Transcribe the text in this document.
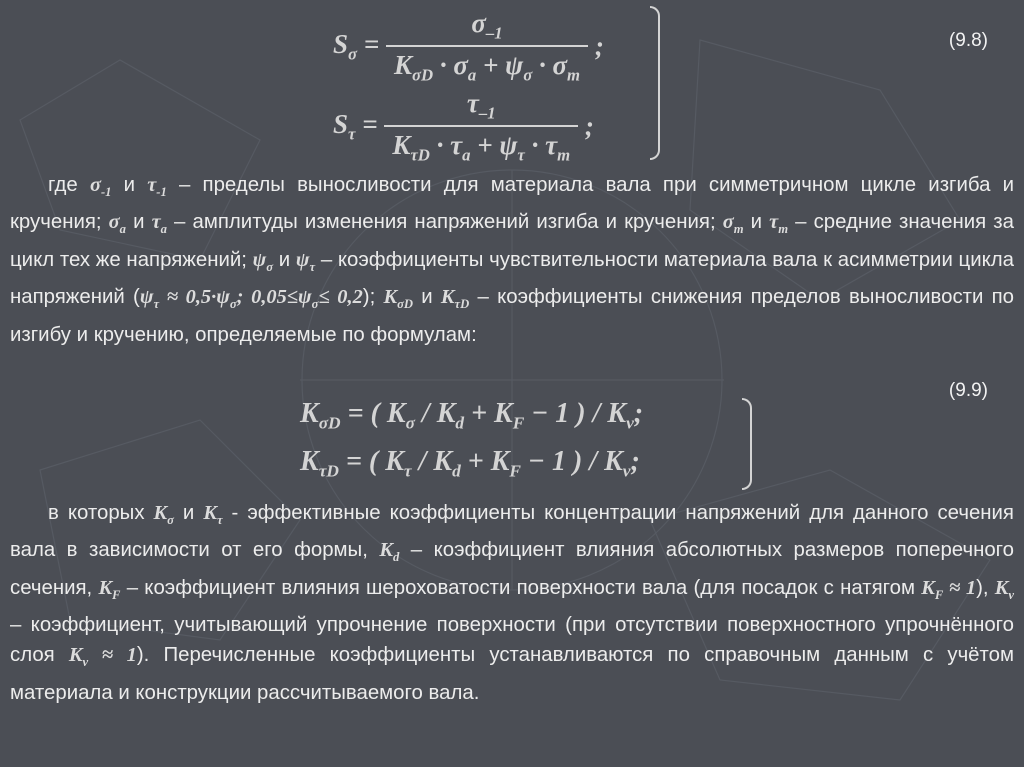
(9.8)
$S_\sigma = \frac{\sigma_{-1}}{K_{\sigma D} \cdot \sigma_a + \psi_\sigma \cdot \sigma_m}$ ;
$S_\tau = \frac{\tau_{-1}}{K_{\tau D} \cdot \tau_a + \psi_\tau \cdot \tau_m}$ ;
где $\sigma_{-1}$ и $\tau_{-1}$ – пределы выносливости для материала вала при симметричном цикле изгиба и кручения; $\sigma_a$ и $\tau_a$ – амплитуды изменения напряжений изгиба и кручения; $\sigma_m$ и $\tau_m$ – средние значения за цикл тех же напряжений; $\psi_\sigma$ и $\psi_\tau$ – коэффициенты чувствительности материала вала к асимметрии цикла напряжений ($\psi_\tau \approx 0,5\cdot\psi_\sigma$; $0,05\le\psi_\sigma\le 0,2$); $K_{\sigma D}$ и $K_{\tau D}$ – коэффициенты снижения пределов выносливости по изгибу и кручению, определяемые по формулам:
(9.9)
$K_{\sigma D}$ = ( $K_\sigma / K_d + K_F - 1$ ) / $K_v$;
$K_{\tau D}$ = ( $K_\tau / K_d + K_F - 1$ ) / $K_v$;
в которых $K_\sigma$ и $K_\tau$ - эффективные коэффициенты концентрации напряжений для данного сечения вала в зависимости от его формы, $K_d$ – коэффициент влияния абсолютных размеров поперечного сечения, $K_F$ – коэффициент влияния шероховатости поверхности вала (для посадок с натягом $K_F \approx 1$), $K_v$ – коэффициент, учитывающий упрочнение поверхности (при отсутствии поверхностного упрочнённого слоя $K_v \approx 1$). Перечисленные коэффициенты устанавливаются по справочным данным с учётом материала и конструкции рассчитываемого вала.
